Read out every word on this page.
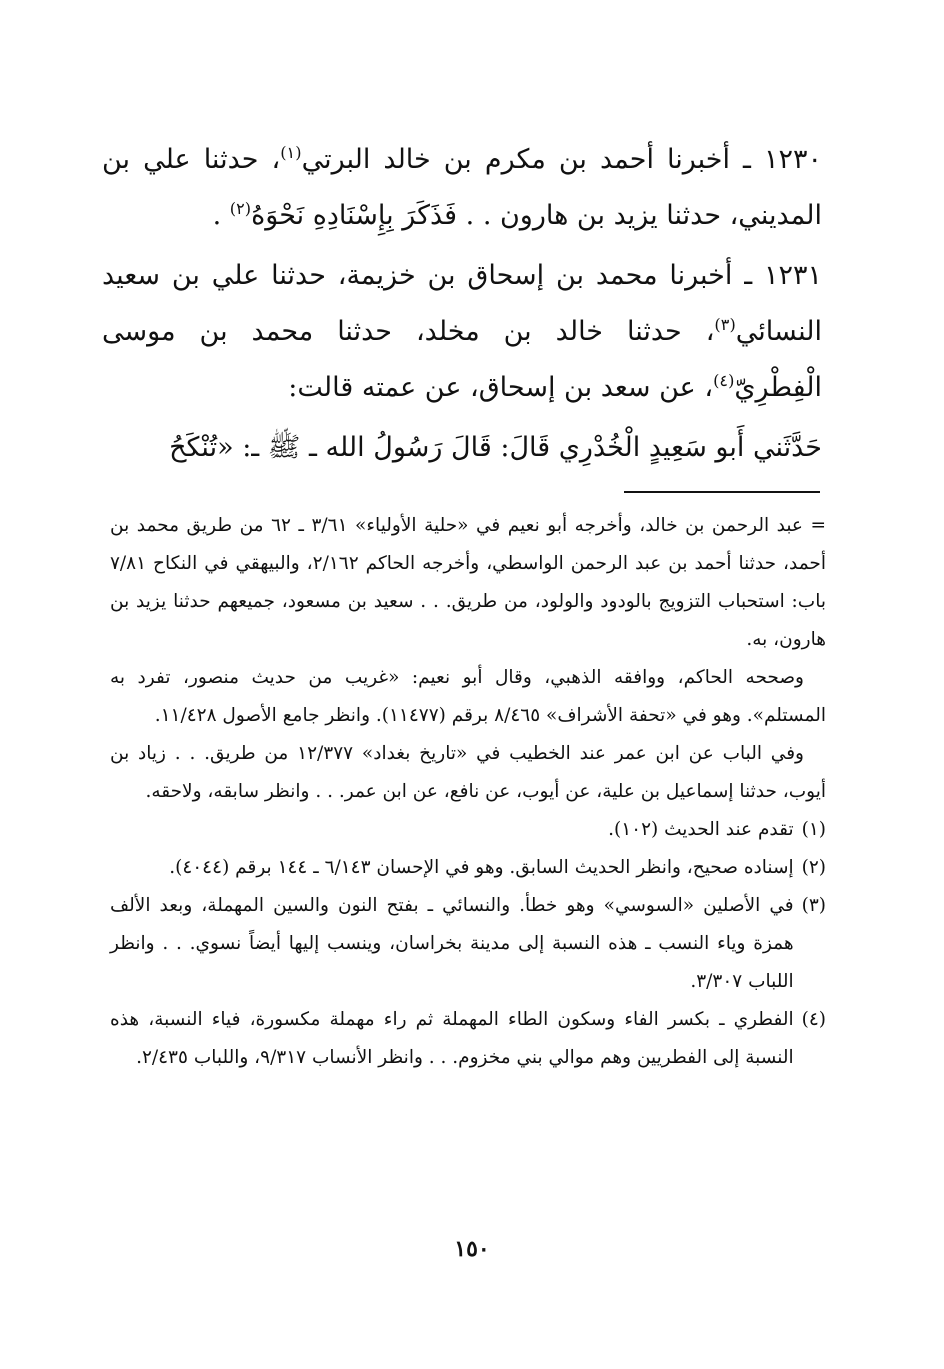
١٢٣٠ ـ أخبرنا أحمد بن مكرم بن خالد البرتي$^{(١)}$، حدثنا علي بن المديني، حدثنا يزيد بن هارون . . فَذَكَرَ بِإِسْنَادِهِ نَحْوَهُ$^{(٢)}$ .

١٢٣١ ـ أخبرنا محمد بن إسحاق بن خزيمة، حدثنا علي بن سعيد النسائي$^{(٣)}$، حدثنا خالد بن مخلد، حدثنا محمد بن موسى الْفِطْرِيّ$^{(٤)}$، عن سعد بن إسحاق، عن عمته قالت:

حَدَّثَني أَبو سَعِيدٍ الْخُدْرِي قَالَ: قَالَ رَسُولُ الله ـ ﷺ ـ: «تُنْكَحُ

= عبد الرحمن بن خالد، وأخرجه أبو نعيم في «حلية الأولياء» ٣/٦١ ـ ٦٢ من طريق محمد بن أحمد، حدثنا أحمد بن عبد الرحمن الواسطي، وأخرجه الحاكم ٢/١٦٢، والبيهقي في النكاح ٧/٨١ باب: استحباب التزويج بالودود والولود، من طريق. . . سعيد بن مسعود، جميعهم حدثنا يزيد بن هارون، به.

وصححه الحاكم، ووافقه الذهبي، وقال أبو نعيم: «غريب من حديث منصور، تفرد به المستلم». وهو في «تحفة الأشراف» ٨/٤٦٥ برقم (١١٤٧٧). وانظر جامع الأصول ١١/٤٢٨.

وفي الباب عن ابن عمر عند الخطيب في «تاريخ بغداد» ١٢/٣٧٧ من طريق. . . زياد بن أيوب، حدثنا إسماعيل بن علية، عن أيوب، عن نافع، عن ابن عمر. . . وانظر سابقه، ولاحقه.

(١)
تقدم عند الحديث (١٠٢).
(٢)
إسناده صحيح، وانظر الحديث السابق. وهو في الإحسان ٦/١٤٣ ـ ١٤٤ برقم (٤٠٤٤).
(٣)
في الأصلين «السوسي» وهو خطأ. والنسائي ـ بفتح النون والسين المهملة، وبعد الألف همزة وياء النسب ـ هذه النسبة إلى مدينة بخراسان، وينسب إليها أيضاً نسوي. . . وانظر اللباب ٣/٣٠٧.
(٤)
الفطري ـ بكسر الفاء وسكون الطاء المهملة ثم راء مهملة مكسورة، فياء النسبة، هذه النسبة إلى الفطريين وهم موالي بني مخزوم. . . وانظر الأنساب ٩/٣١٧، واللباب ٢/٤٣٥.
١٥٠
